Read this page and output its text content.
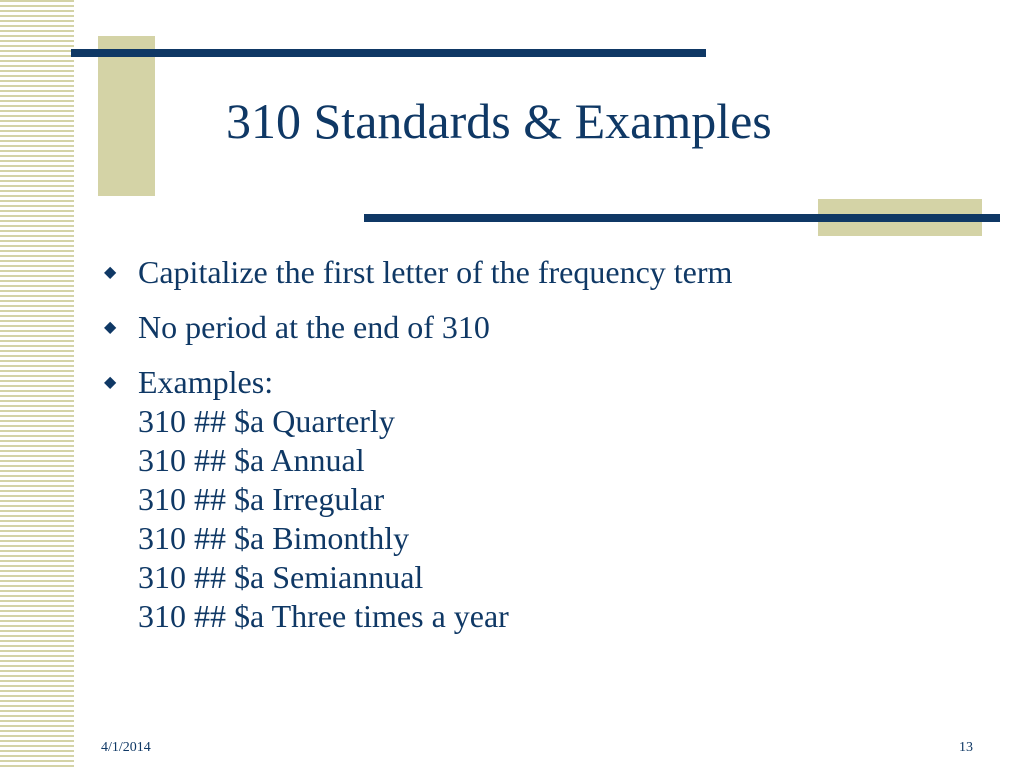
310 Standards & Examples
◆ Capitalize the first letter of the frequency term
◆ No period at the end of 310
◆ Examples:
310 ## $a Quarterly
310 ## $a Annual
310 ## $a Irregular
310 ## $a Bimonthly
310 ## $a Semiannual
310 ## $a Three times a year
4/1/2014	13
